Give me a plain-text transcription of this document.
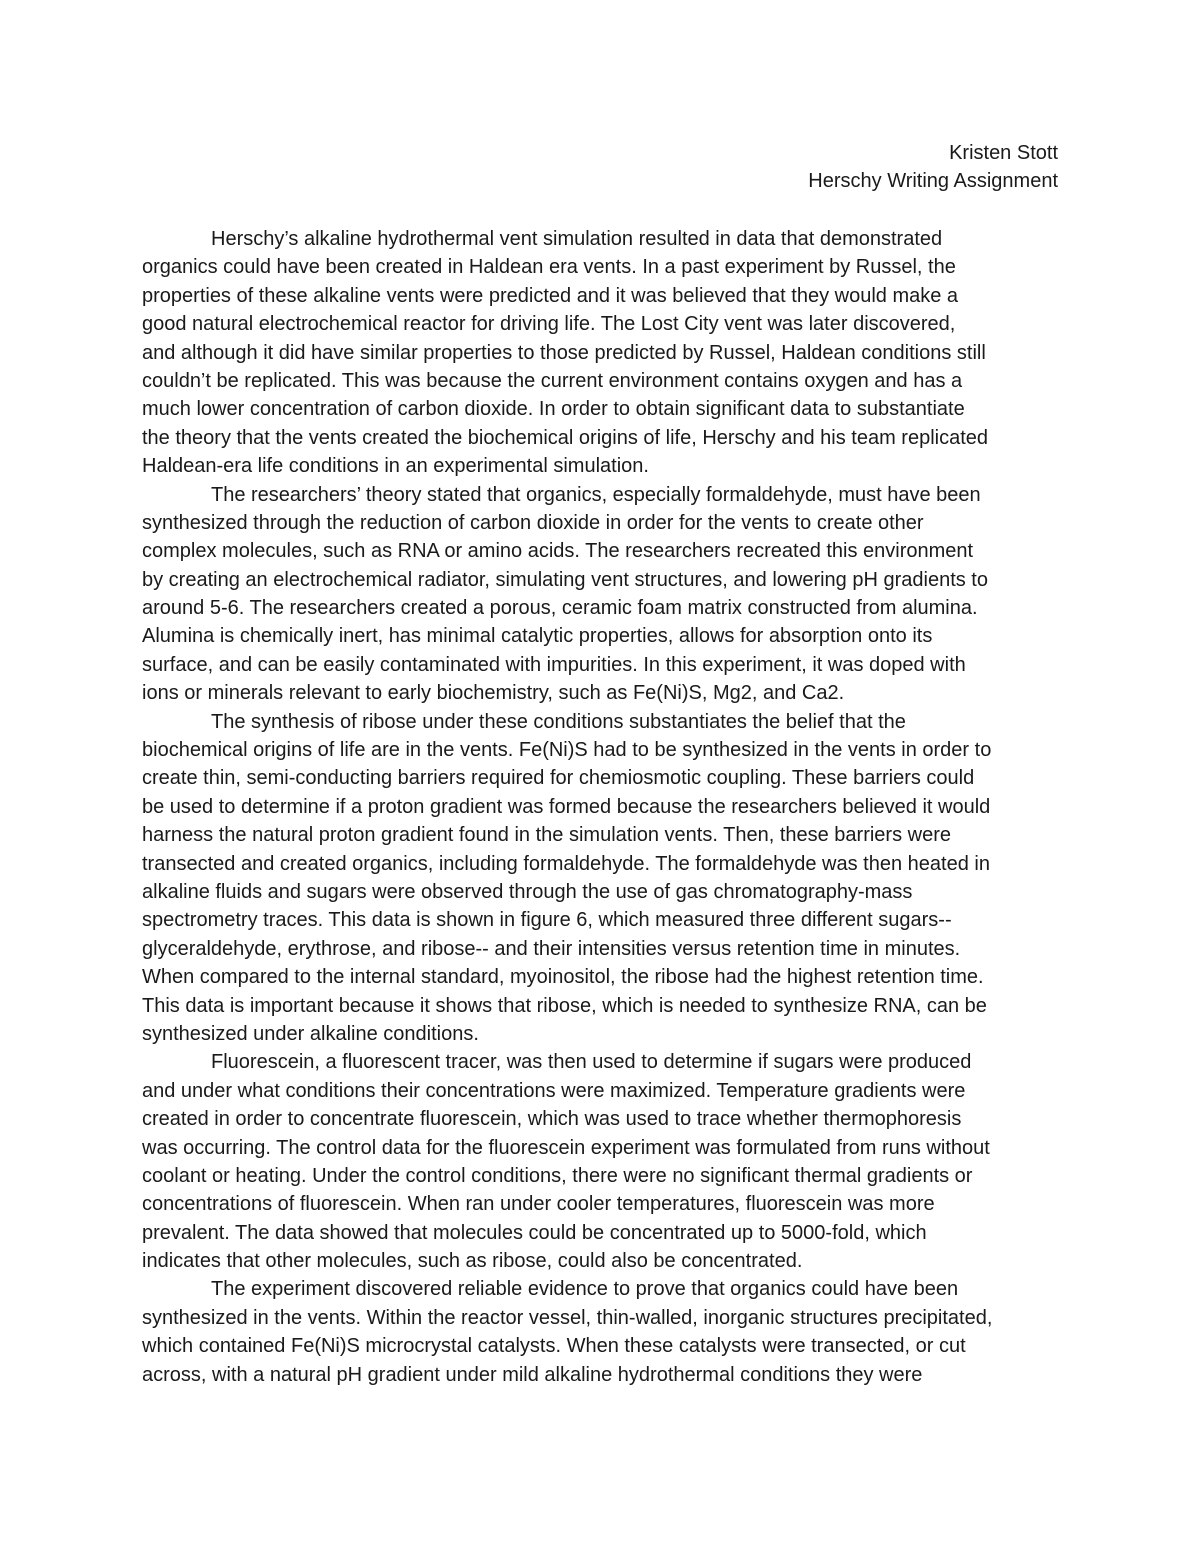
Kristen Stott
Herschy Writing Assignment
Herschy’s alkaline hydrothermal vent simulation resulted in data that demonstrated
organics could have been created in Haldean era vents. In a past experiment by Russel, the
properties of these alkaline vents were predicted and it was believed that they would make a
good natural electrochemical reactor for driving life. The Lost City vent was later discovered,
and although it did have similar properties to those predicted by Russel, Haldean conditions still
couldn’t be replicated. This was because the current environment contains oxygen and has a
much lower concentration of carbon dioxide. In order to obtain significant data to substantiate
the theory that the vents created the biochemical origins of life, Herschy and his team replicated
Haldean-era life conditions in an experimental simulation.
The researchers’ theory stated that organics, especially formaldehyde, must have been
synthesized through the reduction of carbon dioxide in order for the vents to create other
complex molecules, such as RNA or amino acids. The researchers recreated this environment
by creating an electrochemical radiator, simulating vent structures, and lowering pH gradients to
around 5-6. The researchers created a porous, ceramic foam matrix constructed from alumina.
Alumina is chemically inert, has minimal catalytic properties, allows for absorption onto its
surface, and can be easily contaminated with impurities. In this experiment, it was doped with
ions or minerals relevant to early biochemistry, such as Fe(Ni)S, Mg2, and Ca2.
The synthesis of ribose under these conditions substantiates the belief that the
biochemical origins of life are in the vents. Fe(Ni)S had to be synthesized in the vents in order to
create thin, semi-conducting barriers required for chemiosmotic coupling. These barriers could
be used to determine if a proton gradient was formed because the researchers believed it would
harness the natural proton gradient found in the simulation vents. Then, these barriers were
transected and created organics, including formaldehyde. The formaldehyde was then heated in
alkaline fluids and sugars were observed through the use of gas chromatography-mass
spectrometry traces. This data is shown in figure 6, which measured three different sugars--
glyceraldehyde, erythrose, and ribose-- and their intensities versus retention time in minutes.
When compared to the internal standard, myoinositol, the ribose had the highest retention time.
This data is important because it shows that ribose, which is needed to synthesize RNA, can be
synthesized under alkaline conditions.
Fluorescein, a fluorescent tracer, was then used to determine if sugars were produced
and under what conditions their concentrations were maximized. Temperature gradients were
created in order to concentrate fluorescein, which was used to trace whether thermophoresis
was occurring. The control data for the fluorescein experiment was formulated from runs without
coolant or heating. Under the control conditions, there were no significant thermal gradients or
concentrations of fluorescein. When ran under cooler temperatures, fluorescein was more
prevalent. The data showed that molecules could be concentrated up to 5000-fold, which
indicates that other molecules, such as ribose, could also be concentrated.
The experiment discovered reliable evidence to prove that organics could have been
synthesized in the vents. Within the reactor vessel, thin-walled, inorganic structures precipitated,
which contained Fe(Ni)S microcrystal catalysts. When these catalysts were transected, or cut
across, with a natural pH gradient under mild alkaline hydrothermal conditions they were
